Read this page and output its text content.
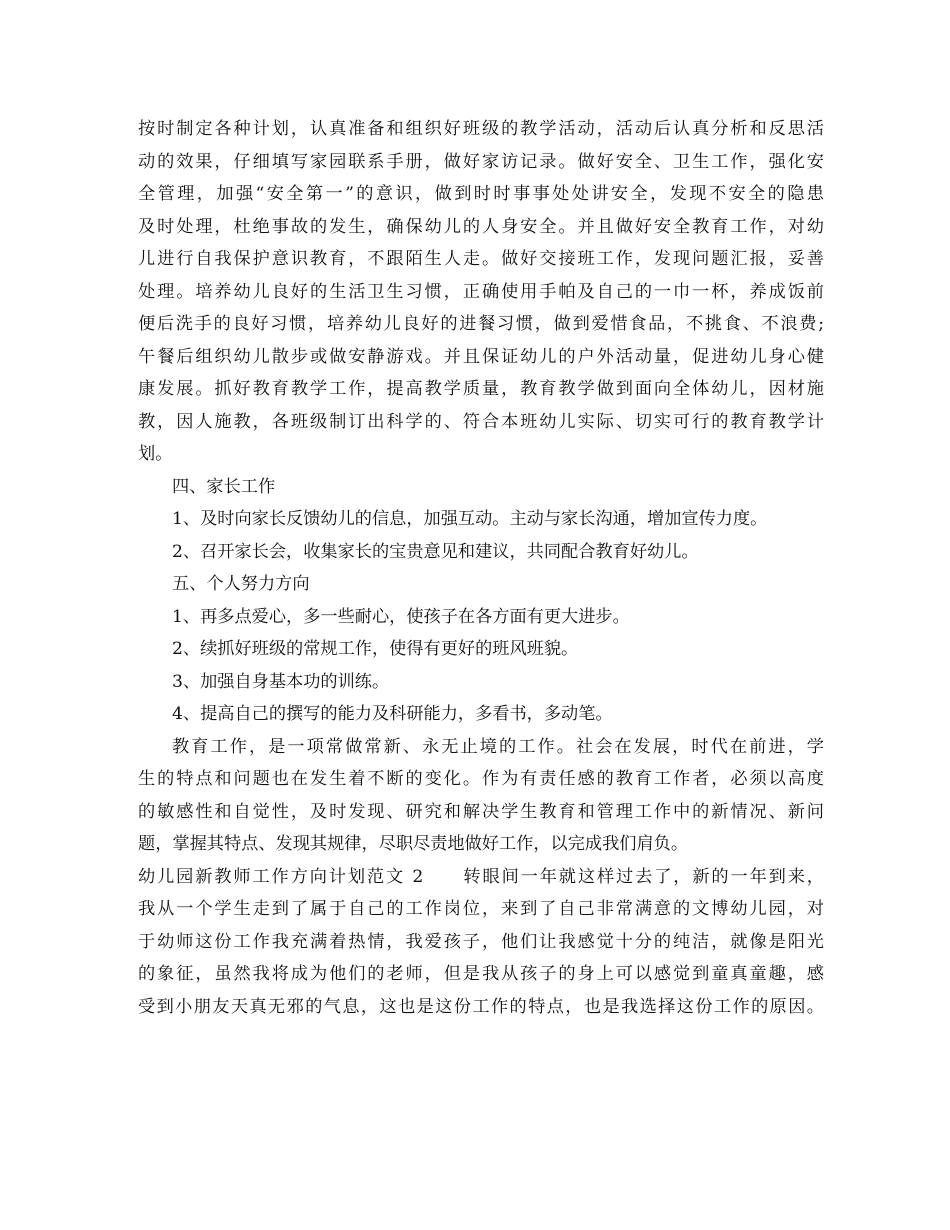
按时制定各种计划，认真准备和组织好班级的教学活动，活动后认真分析和反思活
动的效果，仔细填写家园联系手册，做好家访记录。做好安全、卫生工作，强化安
全管理，加强“安全第一”的意识，做到时时事事处处讲安全，发现不安全的隐患
及时处理，杜绝事故的发生，确保幼儿的人身安全。并且做好安全教育工作，对幼
儿进行自我保护意识教育，不跟陌生人走。做好交接班工作，发现问题汇报，妥善
处理。培养幼儿良好的生活卫生习惯，正确使用手帕及自己的一巾一杯，养成饭前
便后洗手的良好习惯，培养幼儿良好的进餐习惯，做到爱惜食品，不挑食、不浪费;
午餐后组织幼儿散步或做安静游戏。并且保证幼儿的户外活动量，促进幼儿身心健
康发展。抓好教育教学工作，提高教学质量，教育教学做到面向全体幼儿，因材施
教，因人施教，各班级制订出科学的、符合本班幼儿实际、切实可行的教育教学计
划。
四、家长工作
1、及时向家长反馈幼儿的信息，加强互动。主动与家长沟通，增加宣传力度。
2、召开家长会，收集家长的宝贵意见和建议，共同配合教育好幼儿。
五、个人努力方向
1、再多点爱心，多一些耐心，使孩子在各方面有更大进步。
2、续抓好班级的常规工作，使得有更好的班风班貌。
3、加强自身基本功的训练。
4、提高自己的撰写的能力及科研能力，多看书，多动笔。
教育工作，是一项常做常新、永无止境的工作。社会在发展，时代在前进，学
生的特点和问题也在发生着不断的变化。作为有责任感的教育工作者，必须以高度
的敏感性和自觉性，及时发现、研究和解决学生教育和管理工作中的新情况、新问
题，掌握其特点、发现其规律，尽职尽责地做好工作，以完成我们肩负。
幼儿园新教师工作方向计划范文 2　　转眼间一年就这样过去了，新的一年到来，
我从一个学生走到了属于自己的工作岗位，来到了自己非常满意的文博幼儿园，对
于幼师这份工作我充满着热情，我爱孩子，他们让我感觉十分的纯洁，就像是阳光
的象征，虽然我将成为他们的老师，但是我从孩子的身上可以感觉到童真童趣，感
受到小朋友天真无邪的气息，这也是这份工作的特点，也是我选择这份工作的原因。
